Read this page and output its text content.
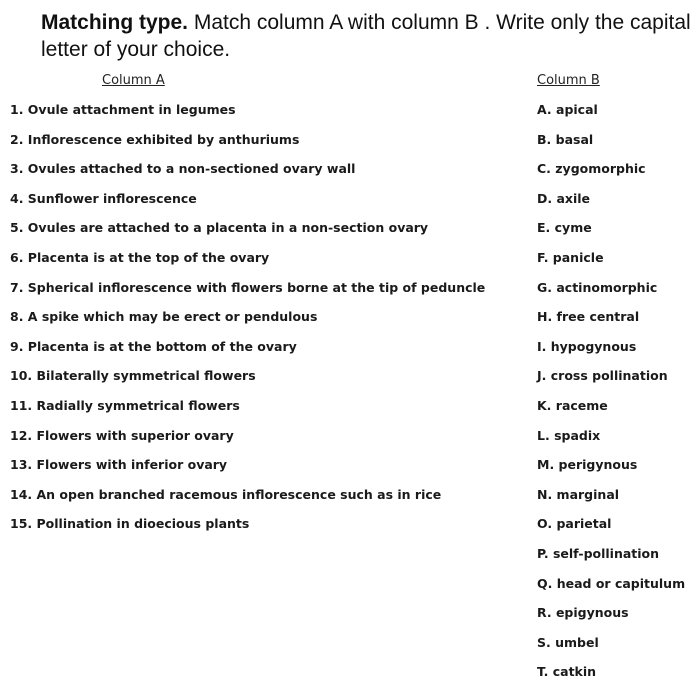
Matching type. Match column A with column B . Write only the capital letter of your choice.
Column A	Column B
1. Ovule attachment in legumes
2. Inflorescence exhibited by anthuriums
3. Ovules attached to a non-sectioned ovary wall
4. Sunflower inflorescence
5. Ovules are attached to a placenta in a non-section ovary
6. Placenta is at the top of the ovary
7. Spherical inflorescence with flowers borne at the tip of peduncle
8. A spike which may be erect or pendulous
9. Placenta is at the bottom of the ovary
10. Bilaterally symmetrical flowers
11. Radially symmetrical flowers
12. Flowers with superior ovary
13. Flowers with inferior ovary
14. An open branched racemous inflorescence such as in rice
15. Pollination in dioecious plants
A. apical
B. basal
C. zygomorphic
D. axile
E. cyme
F. panicle
G. actinomorphic
H. free central
I. hypogynous
J. cross pollination
K. raceme
L. spadix
M. perigynous
N. marginal
O. parietal
P. self-pollination
Q. head or capitulum
R. epigynous
S. umbel
T. catkin
